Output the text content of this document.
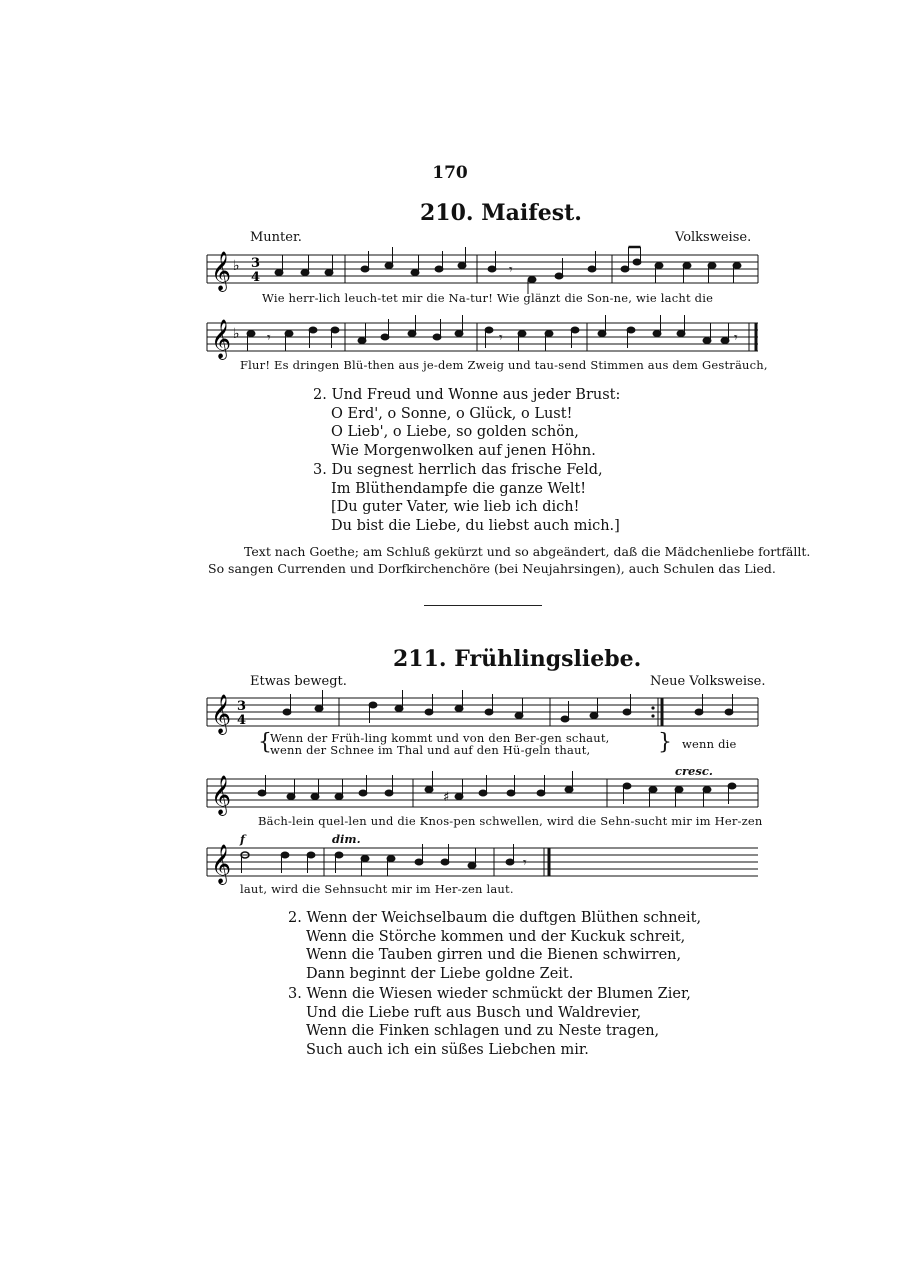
170
210. Maifest.
Munter.	Volksweise.
𝄞 ♭ 3
4	𝄾
Wie herr-lich leuch-tet mir die Na-tur! Wie glänzt die Son-ne, wie lacht die
𝄞 ♭ 𝄾	𝄾	𝄾
Flur! Es dringen Blü-then aus je-dem Zweig und tau-send Stimmen aus dem Gesträuch,
2. Und Freud und Wonne aus jeder Brust:
O Erd', o Sonne, o Glück, o Lust!
O Lieb', o Liebe, so golden schön,
Wie Morgenwolken auf jenen Höhn.
3. Du segnest herrlich das frische Feld,
Im Blüthendampfe die ganze Welt!
[Du guter Vater, wie lieb ich dich!
Du bist die Liebe, du liebst auch mich.]
Text nach Goethe; am Schluß gekürzt und so abgeändert, daß die Mädchenliebe fortfällt.
So sangen Currenden und Dorfkirchenchöre (bei Neujahrsingen), auch Schulen das Lied.
211. Frühlingsliebe.
Etwas bewegt.	Neue Volksweise.
𝄞 3
4
{
Wenn der Früh-ling kommt und von den Ber-gen schaut,
wenn der Schnee im Thal und auf den Hü-geln thaut,	} wenn die
cresc.
𝄞	♯
Bäch-lein quel-len und die Knos-pen schwellen, wird die Sehn-sucht mir im Her-zen
f	dim.
𝄞	𝄾
laut, wird die Sehnsucht mir im Her-zen laut.
2. Wenn der Weichselbaum die duftgen Blüthen schneit,
Wenn die Störche kommen und der Kuckuk schreit,
Wenn die Tauben girren und die Bienen schwirren,
Dann beginnt der Liebe goldne Zeit.
3. Wenn die Wiesen wieder schmückt der Blumen Zier,
Und die Liebe ruft aus Busch und Waldrevier,
Wenn die Finken schlagen und zu Neste tragen,
Such auch ich ein süßes Liebchen mir.
